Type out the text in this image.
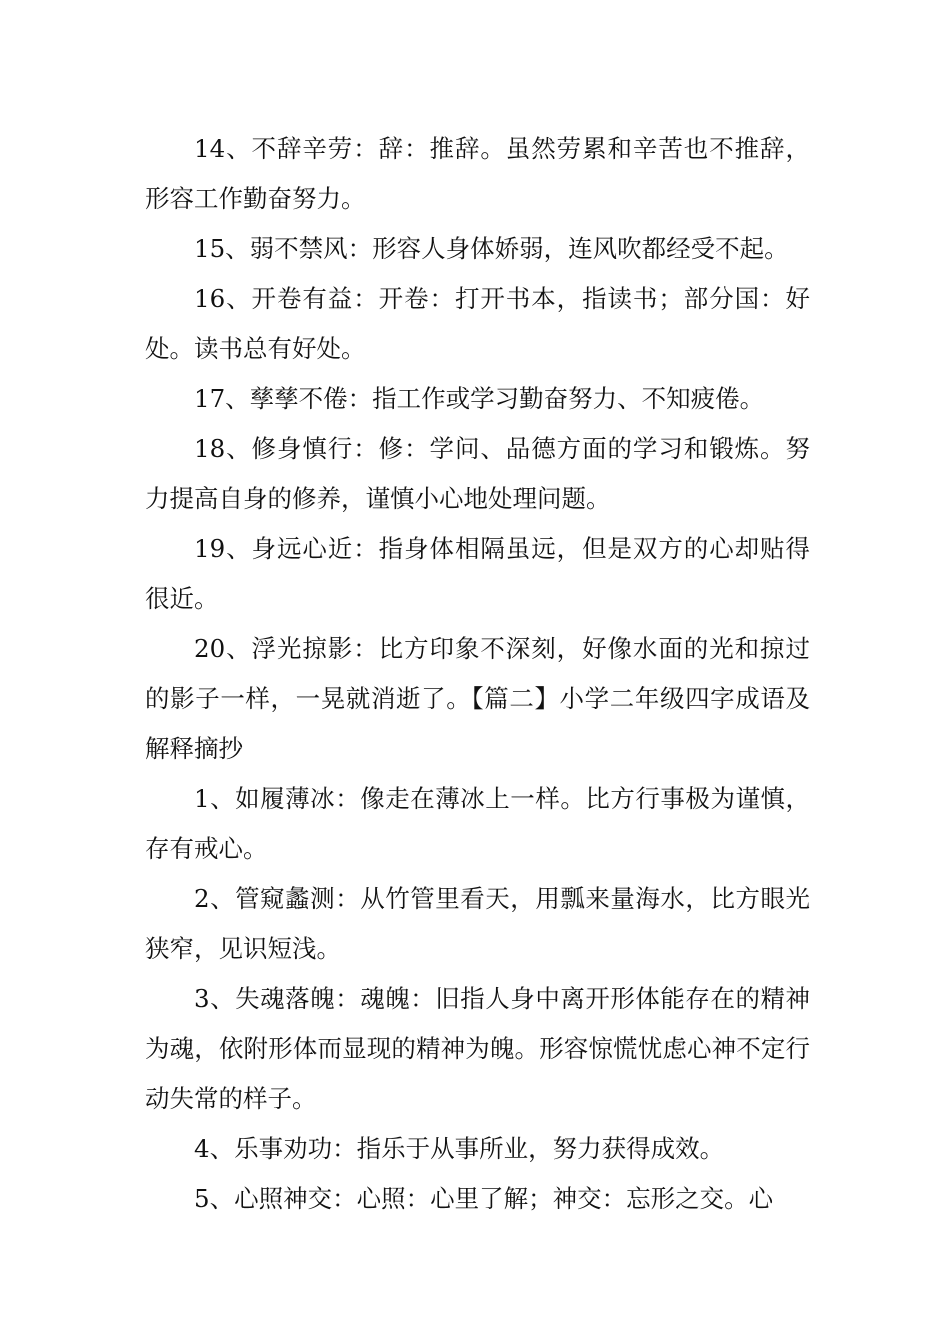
14、不辞辛劳：辞：推辞。虽然劳累和辛苦也不推辞，形容工作勤奋努力。

15、弱不禁风：形容人身体娇弱，连风吹都经受不起。

16、开卷有益：开卷：打开书本，指读书；部分国：好处。读书总有好处。

17、孳孳不倦：指工作或学习勤奋努力、不知疲倦。

18、修身慎行：修：学问、品德方面的学习和锻炼。努力提高自身的修养，谨慎小心地处理问题。

19、身远心近：指身体相隔虽远，但是双方的心却贴得很近。

20、浮光掠影：比方印象不深刻，好像水面的光和掠过的影子一样，一晃就消逝了。【篇二】小学二年级四字成语及解释摘抄

1、如履薄冰：像走在薄冰上一样。比方行事极为谨慎，存有戒心。

2、管窥蠡测：从竹管里看天，用瓢来量海水，比方眼光狭窄，见识短浅。

3、失魂落魄：魂魄：旧指人身中离开形体能存在的精神为魂，依附形体而显现的精神为魄。形容惊慌忧虑心神不定行动失常的样子。

4、乐事劝功：指乐于从事所业，努力获得成效。

5、心照神交：心照：心里了解；神交：忘形之交。心
